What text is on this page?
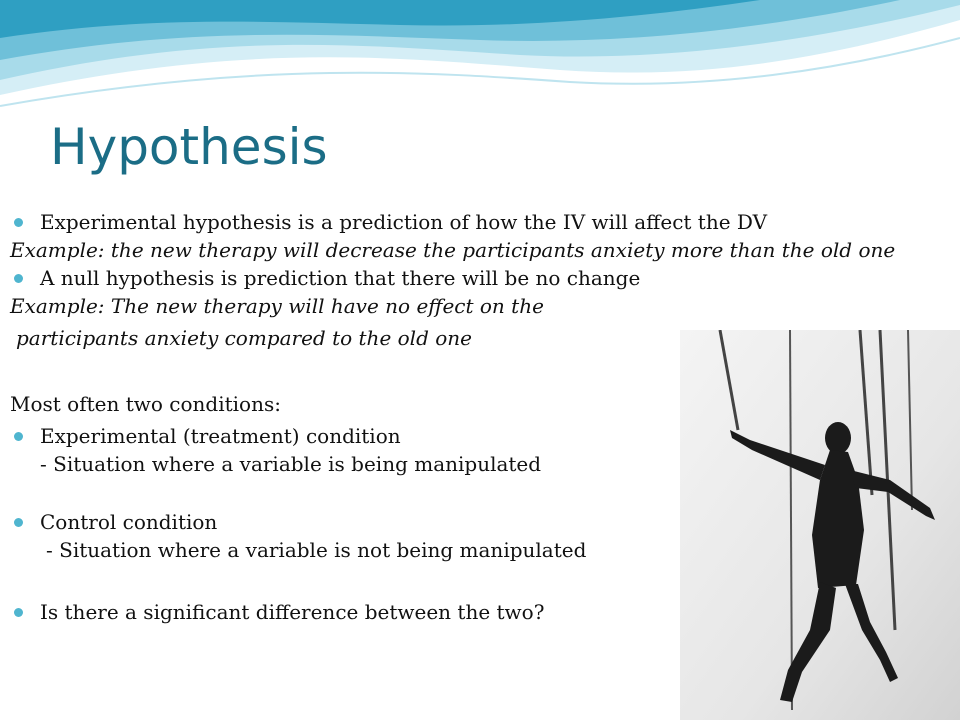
Hypothesis
Experimental hypothesis is a prediction of how the IV will affect the DV
Example: the new therapy will decrease the participants anxiety more than the old one
A null hypothesis is prediction that there will be no change
Example: The new therapy will have no effect on the
participants anxiety compared to the old one
Most often two conditions:
Experimental (treatment) condition
- Situation where a variable is being manipulated
Control condition
- Situation where a variable is not being manipulated
Is there a significant difference between the two?
